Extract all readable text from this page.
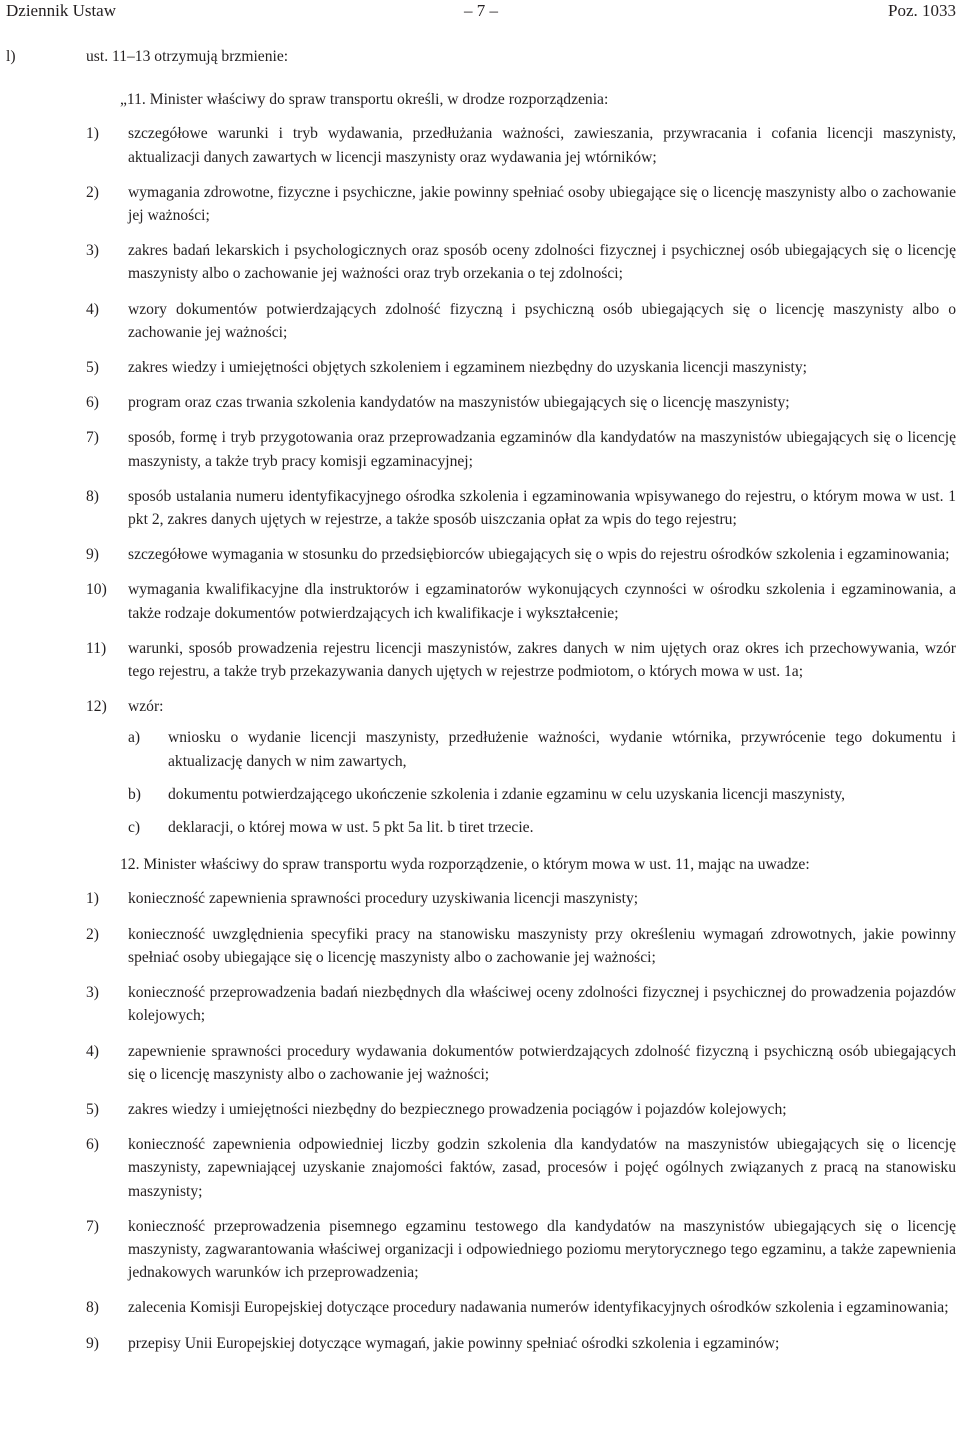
Dziennik Ustaw	– 7 –	Poz. 1033
l)	ust. 11–13 otrzymują brzmienie:
„11. Minister właściwy do spraw transportu określi, w drodze rozporządzenia:
1) szczegółowe warunki i tryb wydawania, przedłużania ważności, zawieszania, przywracania i cofania licencji maszynisty, aktualizacji danych zawartych w licencji maszynisty oraz wydawania jej wtórników;
2) wymagania zdrowotne, fizyczne i psychiczne, jakie powinny spełniać osoby ubiegające się o licencję maszynisty albo o zachowanie jej ważności;
3) zakres badań lekarskich i psychologicznych oraz sposób oceny zdolności fizycznej i psychicznej osób ubiegających się o licencję maszynisty albo o zachowanie jej ważności oraz tryb orzekania o tej zdolności;
4) wzory dokumentów potwierdzających zdolność fizyczną i psychiczną osób ubiegających się o licencję maszynisty albo o zachowanie jej ważności;
5) zakres wiedzy i umiejętności objętych szkoleniem i egzaminem niezbędny do uzyskania licencji maszynisty;
6) program oraz czas trwania szkolenia kandydatów na maszynistów ubiegających się o licencję maszynisty;
7) sposób, formę i tryb przygotowania oraz przeprowadzania egzaminów dla kandydatów na maszynistów ubiegających się o licencję maszynisty, a także tryb pracy komisji egzaminacyjnej;
8) sposób ustalania numeru identyfikacyjnego ośrodka szkolenia i egzaminowania wpisywanego do rejestru, o którym mowa w ust. 1 pkt 2, zakres danych ujętych w rejestrze, a także sposób uiszczania opłat za wpis do tego rejestru;
9) szczegółowe wymagania w stosunku do przedsiębiorców ubiegających się o wpis do rejestru ośrodków szkolenia i egzaminowania;
10) wymagania kwalifikacyjne dla instruktorów i egzaminatorów wykonujących czynności w ośrodku szkolenia i egzaminowania, a także rodzaje dokumentów potwierdzających ich kwalifikacje i wykształcenie;
11) warunki, sposób prowadzenia rejestru licencji maszynistów, zakres danych w nim ujętych oraz okres ich przechowywania, wzór tego rejestru, a także tryb przekazywania danych ujętych w rejestrze podmiotom, o których mowa w ust. 1a;
12) wzór:
a) wniosku o wydanie licencji maszynisty, przedłużenie ważności, wydanie wtórnika, przywrócenie tego dokumentu i aktualizację danych w nim zawartych,
b) dokumentu potwierdzającego ukończenie szkolenia i zdanie egzaminu w celu uzyskania licencji maszynisty,
c) deklaracji, o której mowa w ust. 5 pkt 5a lit. b tiret trzecie.
12. Minister właściwy do spraw transportu wyda rozporządzenie, o którym mowa w ust. 11, mając na uwadze:
1) konieczność zapewnienia sprawności procedury uzyskiwania licencji maszynisty;
2) konieczność uwzględnienia specyfiki pracy na stanowisku maszynisty przy określeniu wymagań zdrowotnych, jakie powinny spełniać osoby ubiegające się o licencję maszynisty albo o zachowanie jej ważności;
3) konieczność przeprowadzenia badań niezbędnych dla właściwej oceny zdolności fizycznej i psychicznej do prowadzenia pojazdów kolejowych;
4) zapewnienie sprawności procedury wydawania dokumentów potwierdzających zdolność fizyczną i psychiczną osób ubiegających się o licencję maszynisty albo o zachowanie jej ważności;
5) zakres wiedzy i umiejętności niezbędny do bezpiecznego prowadzenia pociągów i pojazdów kolejowych;
6) konieczność zapewnienia odpowiedniej liczby godzin szkolenia dla kandydatów na maszynistów ubiegających się o licencję maszynisty, zapewniającej uzyskanie znajomości faktów, zasad, procesów i pojęć ogólnych związanych z pracą na stanowisku maszynisty;
7) konieczność przeprowadzenia pisemnego egzaminu testowego dla kandydatów na maszynistów ubiegających się o licencję maszynisty, zagwarantowania właściwej organizacji i odpowiedniego poziomu merytorycznego tego egzaminu, a także zapewnienia jednakowych warunków ich przeprowadzenia;
8) zalecenia Komisji Europejskiej dotyczące procedury nadawania numerów identyfikacyjnych ośrodków szkolenia i egzaminowania;
9) przepisy Unii Europejskiej dotyczące wymagań, jakie powinny spełniać ośrodki szkolenia i egzaminów;
